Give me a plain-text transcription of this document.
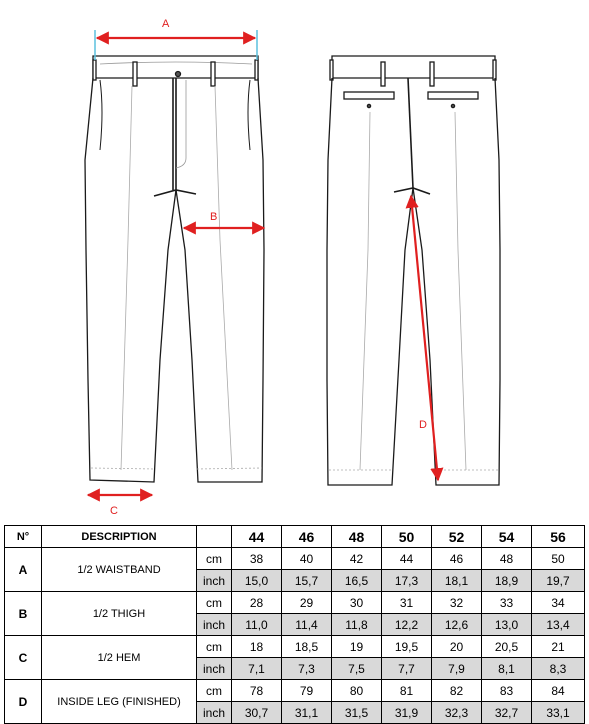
A
B
C
D
N°	DESCRIPTION		44	46	48	50	52	54	56
A	1/2 WAISTBAND	cm	38	40	42	44	46	48	50
		inch	15,0	15,7	16,5	17,3	18,1	18,9	19,7
B	1/2 THIGH	cm	28	29	30	31	32	33	34
		inch	11,0	11,4	11,8	12,2	12,6	13,0	13,4
C	1/2 HEM	cm	18	18,5	19	19,5	20	20,5	21
		inch	7,1	7,3	7,5	7,7	7,9	8,1	8,3
D	INSIDE LEG (FINISHED)	cm	78	79	80	81	82	83	84
		inch	30,7	31,1	31,5	31,9	32,3	32,7	33,1
